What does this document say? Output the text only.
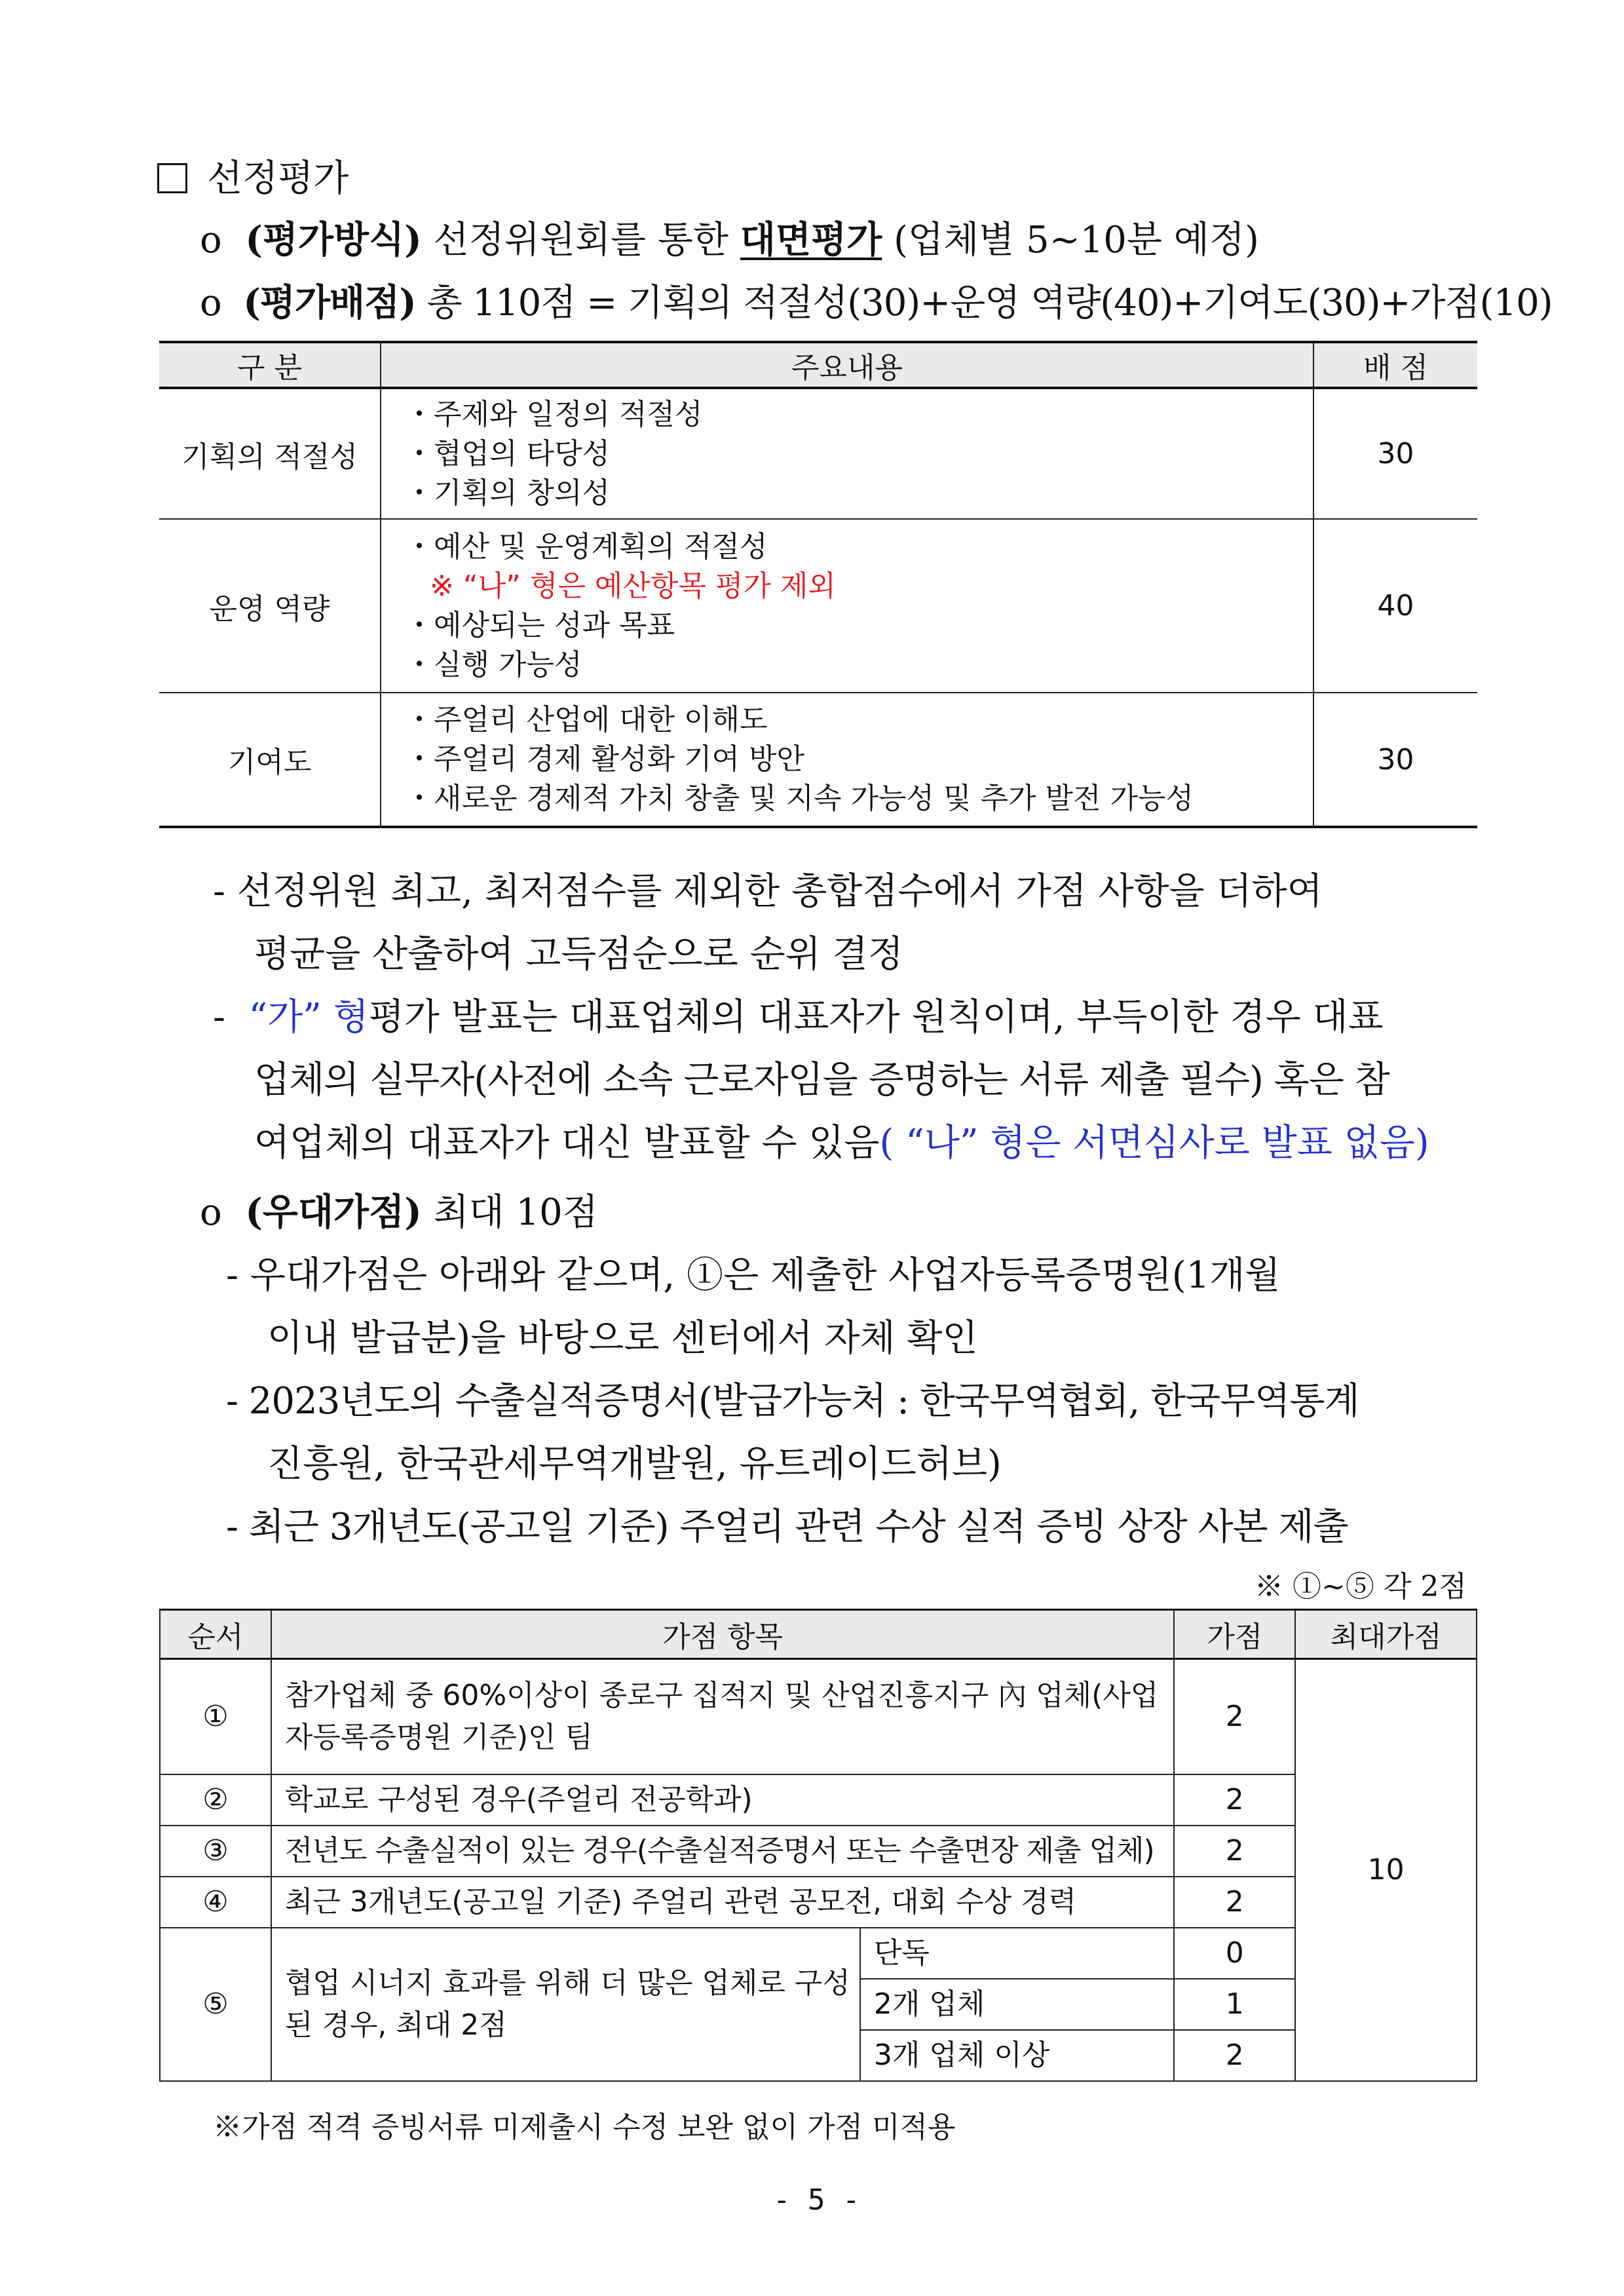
선정평가
o (평가방식) 선정위원회를 통한 대면평가 (업체별 5~10분 예정)
o (평가배점) 총 110점 = 기획의 적절성(30)+운영 역량(40)+기여도(30)+가점(10)
구 분	주요내용	배 점
기획의 적절성	・주제와 일정의 적절성
・협업의 타당성
・기획의 창의성	30
운영 역량	・예산 및 운영계획의 적절성
※ “나” 형은 예산항목 평가 제외
・예상되는 성과 목표
・실행 가능성	40
기여도	・주얼리 산업에 대한 이해도
・주얼리 경제 활성화 기여 방안
・새로운 경제적 가치 창출 및 지속 가능성 및 추가 발전 가능성	30
- 선정위원 최고, 최저점수를 제외한 총합점수에서 가점 사항을 더하여
평균을 산출하여 고득점순으로 순위 결정
- “가” 형평가 발표는 대표업체의 대표자가 원칙이며, 부득이한 경우 대표
업체의 실무자(사전에 소속 근로자임을 증명하는 서류 제출 필수) 혹은 참
여업체의 대표자가 대신 발표할 수 있음( “나” 형은 서면심사로 발표 없음)
o (우대가점) 최대 10점
- 우대가점은 아래와 같으며, ①은 제출한 사업자등록증명원(1개월
이내 발급분)을 바탕으로 센터에서 자체 확인
- 2023년도의 수출실적증명서(발급가능처 : 한국무역협회, 한국무역통계
진흥원, 한국관세무역개발원, 유트레이드허브)
- 최근 3개년도(공고일 기준) 주얼리 관련 수상 실적 증빙 상장 사본 제출
※ ①~⑤ 각 2점
순서	가점 항목		가점	최대가점
①	참가업체 중 60%이상이 종로구 집적지 및 산업진흥지구 內 업체(사업자등록증명원 기준)인 팀		2	10
②	학교로 구성된 경우(주얼리 전공학과)		2	
③	전년도 수출실적이 있는 경우(수출실적증명서 또는 수출면장 제출 업체)		2	
④	최근 3개년도(공고일 기준) 주얼리 관련 공모전, 대회 수상 경력		2	
⑤	협업 시너지 효과를 위해 더 많은 업체로 구성된 경우, 최대 2점	단독	0	
		2개 업체	1	
		3개 업체 이상	2	
※가점 적격 증빙서류 미제출시 수정 보완 없이 가점 미적용
- 5 -
